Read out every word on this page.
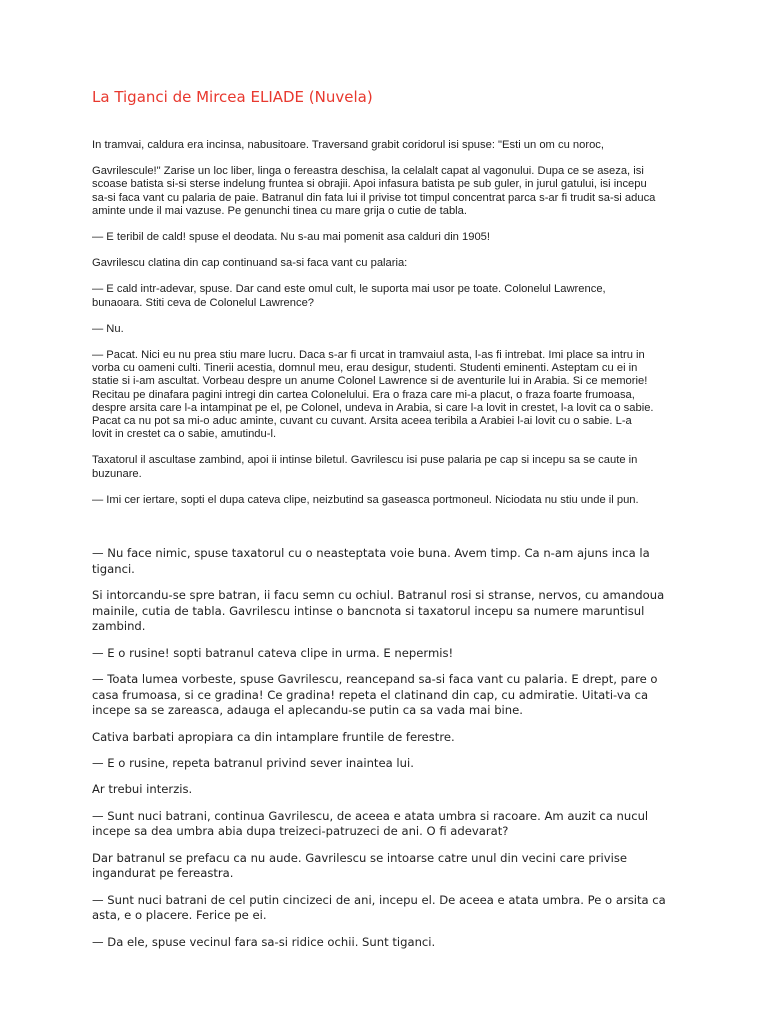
La Tiganci de Mircea ELIADE (Nuvela)

In tramvai, caldura era incinsa, nabusitoare. Traversand grabit coridorul isi spuse: "Esti un om cu noroc,

Gavrilescule!" Zarise un loc liber, linga o fereastra deschisa, la celalalt capat al vagonului. Dupa ce se aseza, isi
scoase batista si-si sterse indelung fruntea si obrajii. Apoi infasura batista pe sub guler, in jurul gatului, isi incepu
sa-si faca vant cu palaria de paie. Batranul din fata lui il privise tot timpul concentrat parca s-ar fi trudit sa-si aduca
aminte unde il mai vazuse. Pe genunchi tinea cu mare grija o cutie de tabla.

— E teribil de cald! spuse el deodata. Nu s-au mai pomenit asa calduri din 1905!

Gavrilescu clatina din cap continuand sa-si faca vant cu palaria:

— E cald intr-adevar, spuse. Dar cand este omul cult, le suporta mai usor pe toate. Colonelul Lawrence,
bunaoara. Stiti ceva de Colonelul Lawrence?

— Nu.

— Pacat. Nici eu nu prea stiu mare lucru. Daca s-ar fi urcat in tramvaiul asta, l-as fi intrebat. Imi place sa intru in
vorba cu oameni culti. Tinerii acestia, domnul meu, erau desigur, studenti. Studenti eminenti. Asteptam cu ei in
statie si i-am ascultat. Vorbeau despre un anume Colonel Lawrence si de aventurile lui in Arabia. Si ce memorie!
Recitau pe dinafara pagini intregi din cartea Colonelului. Era o fraza care mi-a placut, o fraza foarte frumoasa,
despre arsita care l-a intampinat pe el, pe Colonel, undeva in Arabia, si care l-a lovit in crestet, l-a lovit ca o sabie.
Pacat ca nu pot sa mi-o aduc aminte, cuvant cu cuvant. Arsita aceea teribila a Arabiei l-ai lovit cu o sabie. L-a
lovit in crestet ca o sabie, amutindu-l.

Taxatorul il ascultase zambind, apoi ii intinse biletul. Gavrilescu isi puse palaria pe cap si incepu sa se caute in
buzunare.

— Imi cer iertare, sopti el dupa cateva clipe, neizbutind sa gaseasca portmoneul. Niciodata nu stiu unde il pun.

— Nu face nimic, spuse taxatorul cu o neasteptata voie buna. Avem timp. Ca n-am ajuns inca la
tiganci.

Si intorcandu-se spre batran, ii facu semn cu ochiul. Batranul rosi si stranse, nervos, cu amandoua
mainile, cutia de tabla. Gavrilescu intinse o bancnota si taxatorul incepu sa numere maruntisul
zambind.

— E o rusine! sopti batranul cateva clipe in urma. E nepermis!

— Toata lumea vorbeste, spuse Gavrilescu, reancepand sa-si faca vant cu palaria. E drept, pare o
casa frumoasa, si ce gradina! Ce gradina! repeta el clatinand din cap, cu admiratie. Uitati-va ca
incepe sa se zareasca, adauga el aplecandu-se putin ca sa vada mai bine.

Cativa barbati apropiara ca din intamplare fruntile de ferestre.

— E o rusine, repeta batranul privind sever inaintea lui.

Ar trebui interzis.

— Sunt nuci batrani, continua Gavrilescu, de aceea e atata umbra si racoare. Am auzit ca nucul
incepe sa dea umbra abia dupa treizeci-patruzeci de ani. O fi adevarat?

Dar batranul se prefacu ca nu aude. Gavrilescu se intoarse catre unul din vecini care privise
ingandurat pe fereastra.

— Sunt nuci batrani de cel putin cincizeci de ani, incepu el. De aceea e atata umbra. Pe o arsita ca
asta, e o placere. Ferice pe ei.

— Da ele, spuse vecinul fara sa-si ridice ochii. Sunt tiganci.
